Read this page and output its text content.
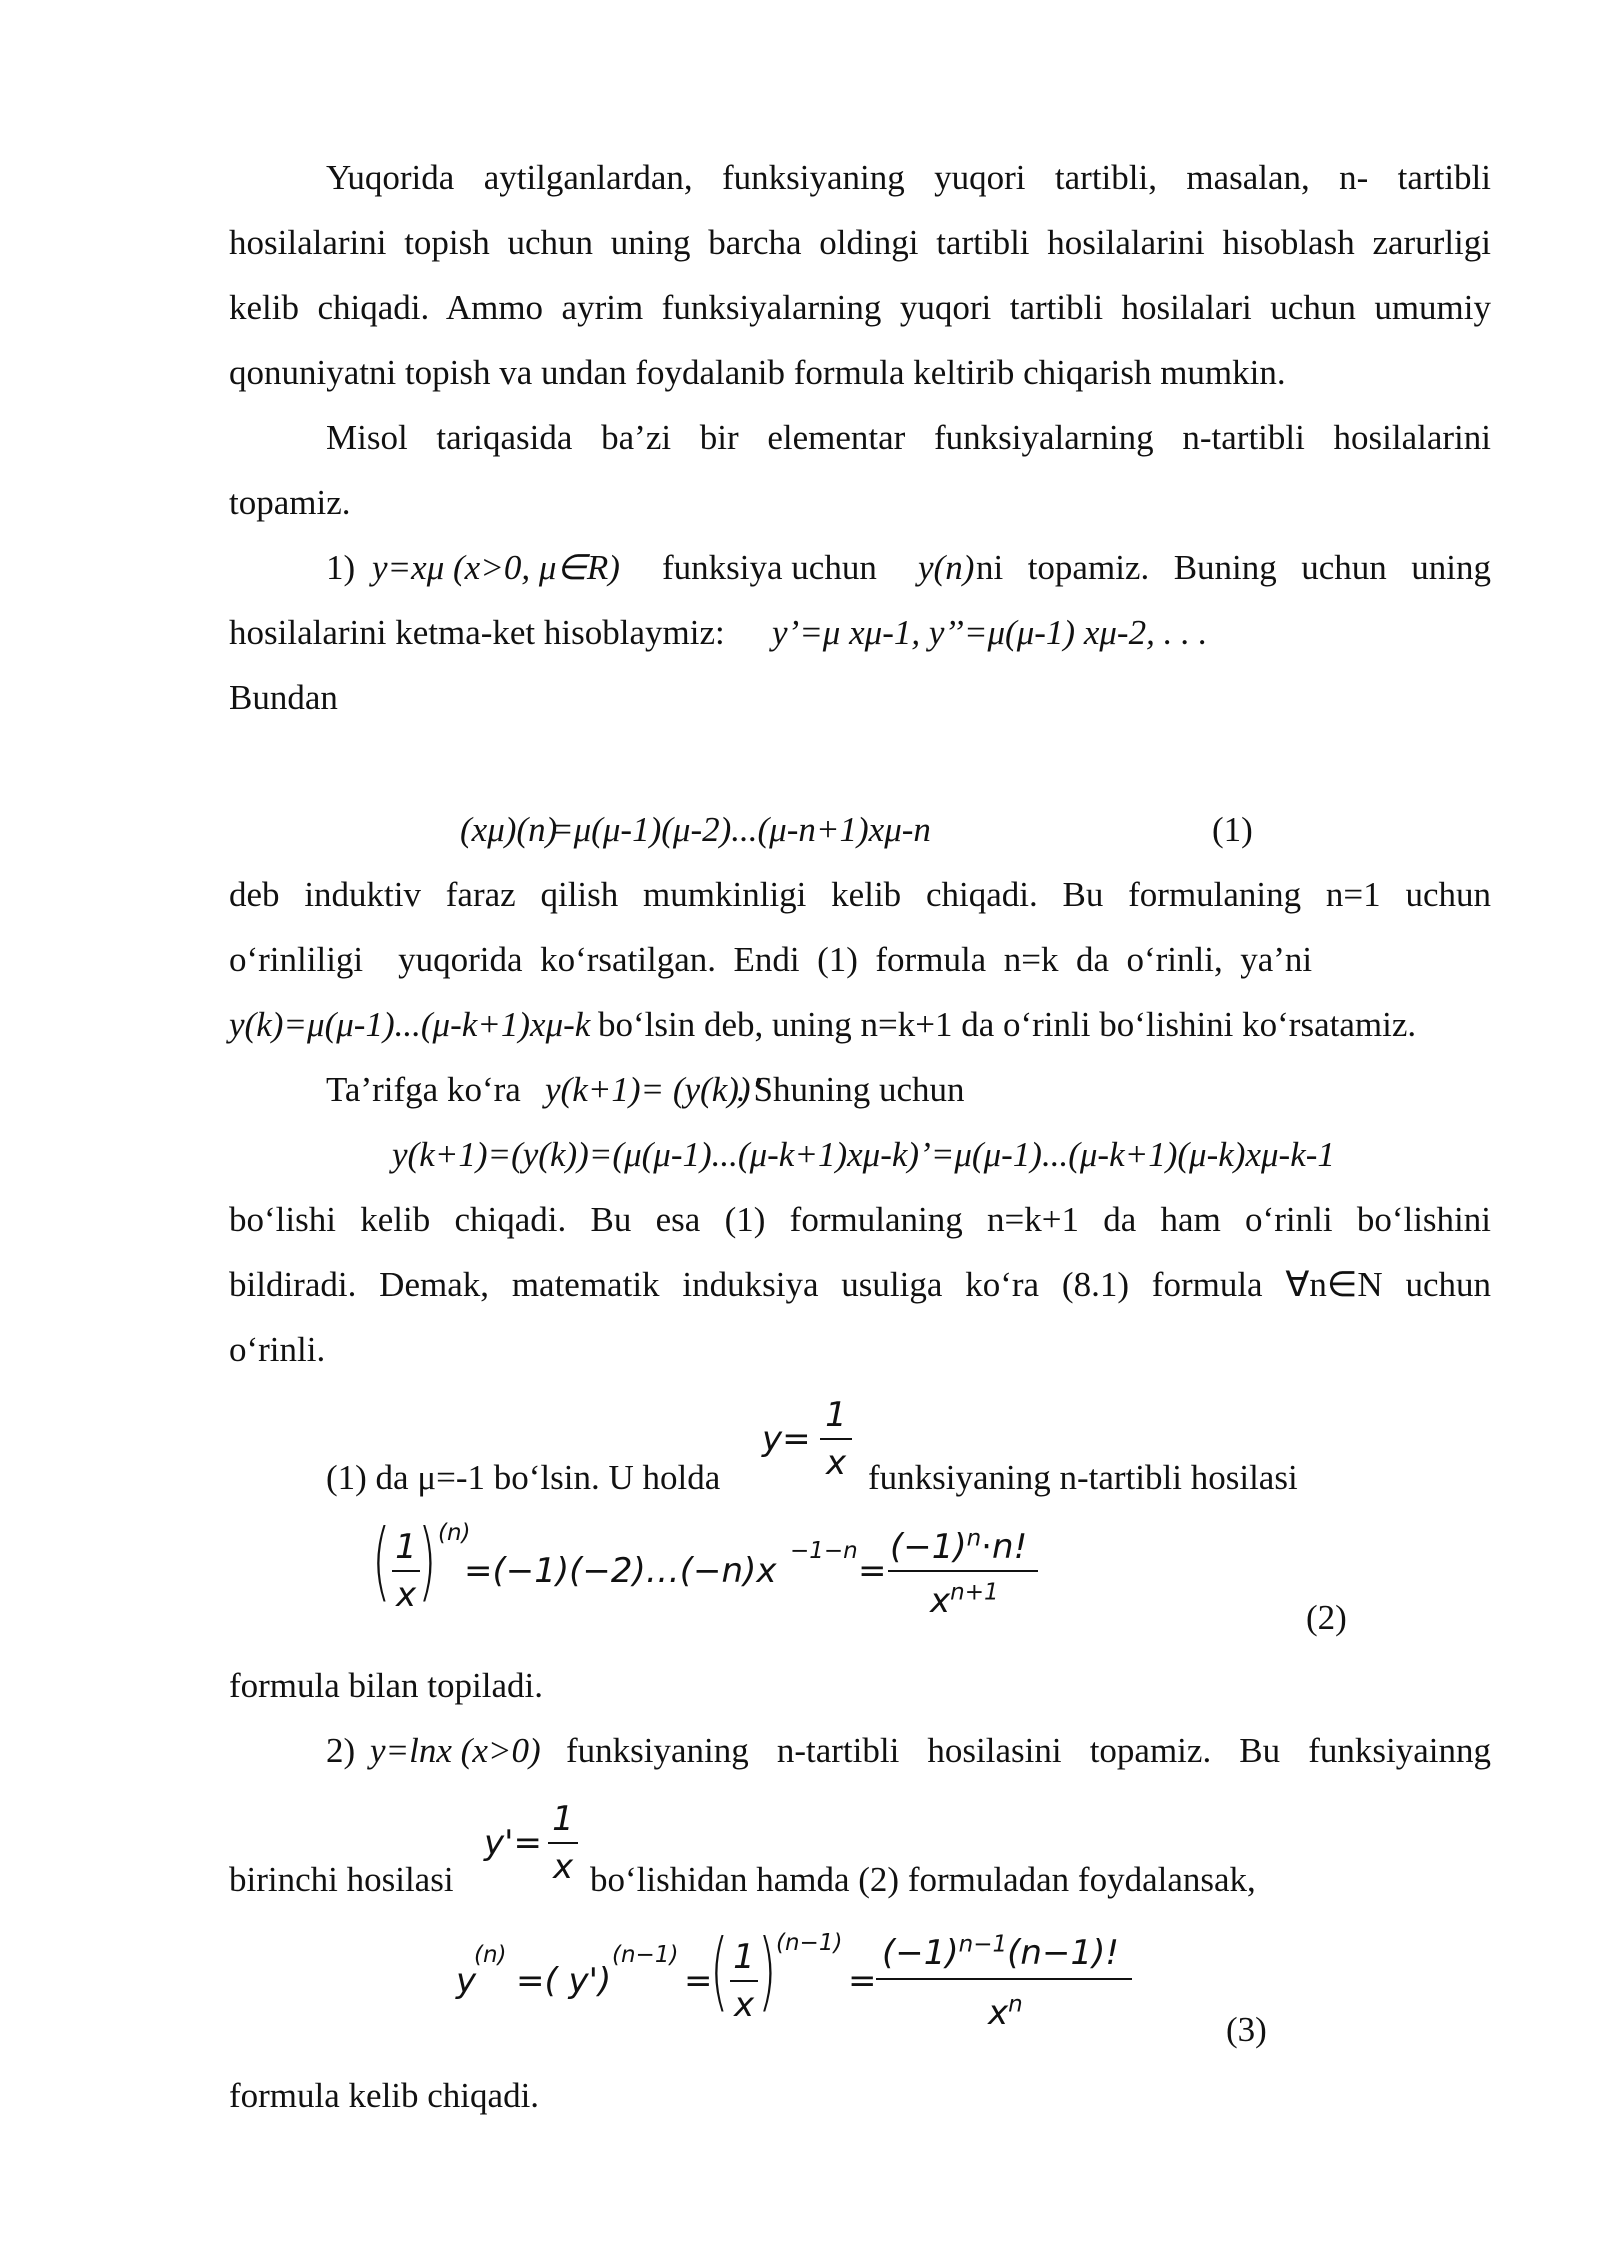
Yuqorida aytilganlardan, funksiyaning yuqori tartibli, masalan, n- tartibli
hosilalarini topish uchun uning barcha oldingi tartibli hosilalarini hisoblash zarurligi
kelib chiqadi. Ammo ayrim funksiyalarning yuqori tartibli hosilalari uchun umumiy
qonuniyatni topish va undan foydalanib formula keltirib chiqarish mumkin.
Misol tariqasida ba’zi bir elementar funksiyalarning n-tartibli hosilalarini
topamiz.
1) y=xμ (x>0, μ∈R) funksiya uchun y(n) ni topamiz. Buning uchun uning
hosilalarini ketma-ket hisoblaymiz: y’=μ xμ-1, y’’=μ(μ-1) xμ-2, . . .
Bundan
(xμ)(n)
=μ(μ-1)(μ-2)...(μ-n+1)xμ-n	(1)
deb induktiv faraz qilish mumkinligi kelib chiqadi. Bu formulaning n=1 uchun
o‘rinliligi    yuqorida  ko‘rsatilgan.  Endi  (1)  formula  n=k  da  o‘rinli,  ya’ni
y(k)=μ(μ-1)...(μ-k+1)xμ-k bo‘lsin deb, uning n=k+1 da o‘rinli bo‘lishini ko‘rsatamiz.
Ta’rifga ko‘ra y(k+1)= (y(k))’
. Shuning uchun
y(k+1)=(y(k))=(μ(μ-1)...(μ-k+1)xμ-k)’=μ(μ-1)...(μ-k+1)(μ-k)xμ-k-1
bo‘lishi kelib chiqadi. Bu esa (1) formulaning n=k+1 da ham o‘rinli bo‘lishini
bildiradi. Demak, matematik induksiya usuliga ko‘ra (8.1) formula ∀n∈N uchun
o‘rinli.
(1) da μ=-1 bo‘lsin. U holda
y=
1
x funksiyaning n-tartibli hosilasi
( 1
x ) (n)
=(−1)(−2)…(−n)x −1−n =
$(-1)^n\cdot n$!
$x^{n+1}$
(2)
formula bilan topiladi.
2) y=lnx (x>0) funksiyaning n-tartibli hosilasini topamiz. Bu funksiyainng
birinchi hosilasi
y'=
1
x bo‘lishidan hamda (2) formuladan foydalansak,
y
(n)
=( y')
(n−1)
=
( 1
x ) (n−1)
=
$(-1)^{n-1}(n-1)$!
$x^n$
(3)
formula kelib chiqadi.
